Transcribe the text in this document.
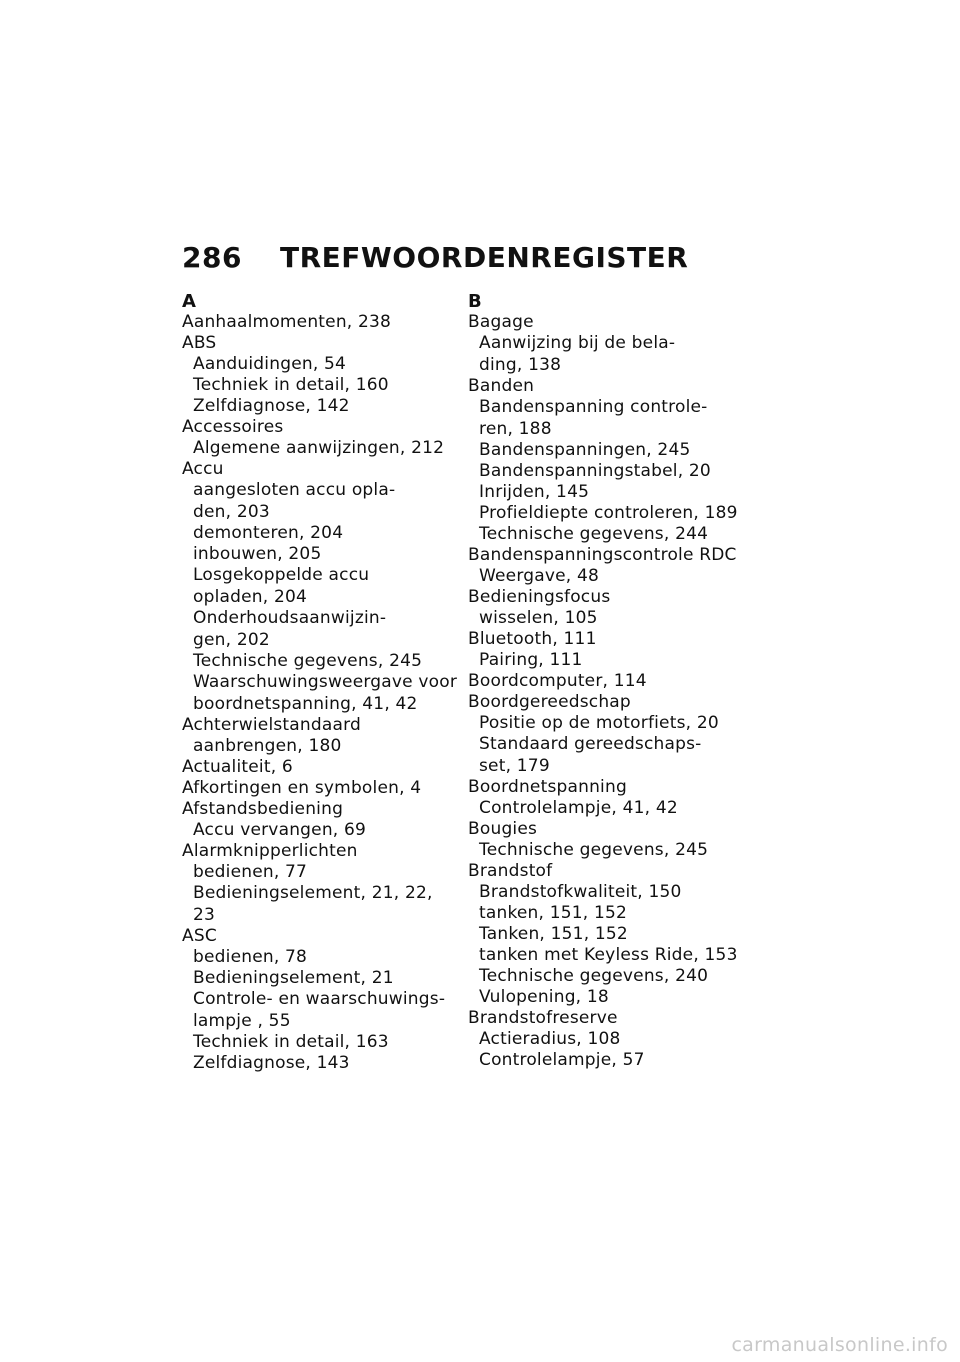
286	TREFWOORDENREGISTER
A
Aanhaalmomenten, 238
ABS
Aanduidingen, 54
Techniek in detail, 160
Zelfdiagnose, 142
Accessoires
Algemene aanwijzingen, 212
Accu
aangesloten accu opla-
den, 203
demonteren, 204
inbouwen, 205
Losgekoppelde accu
opladen, 204
Onderhoudsaanwijzin-
gen, 202
Technische gegevens, 245
Waarschuwingsweergave voor
boordnetspanning, 41, 42
Achterwielstandaard
aanbrengen, 180
Actualiteit, 6
Afkortingen en symbolen, 4
Afstandsbediening
Accu vervangen, 69
Alarmknipperlichten
bedienen, 77
Bedieningselement, 21, 22,
23
ASC
bedienen, 78
Bedieningselement, 21
Controle- en waarschuwings-
lampje , 55
Techniek in detail, 163
Zelfdiagnose, 143
B
Bagage
Aanwijzing bij de bela-
ding, 138
Banden
Bandenspanning controle-
ren, 188
Bandenspanningen, 245
Bandenspanningstabel, 20
Inrijden, 145
Profieldiepte controleren, 189
Technische gegevens, 244
Bandenspanningscontrole RDC
Weergave, 48
Bedieningsfocus
wisselen, 105
Bluetooth, 111
Pairing, 111
Boordcomputer, 114
Boordgereedschap
Positie op de motorfiets, 20
Standaard gereedschaps-
set, 179
Boordnetspanning
Controlelampje, 41, 42
Bougies
Technische gegevens, 245
Brandstof
Brandstofkwaliteit, 150
tanken, 151, 152
Tanken, 151, 152
tanken met Keyless Ride, 153
Technische gegevens, 240
Vulopening, 18
Brandstofreserve
Actieradius, 108
Controlelampje, 57
carmanualsonline.info
